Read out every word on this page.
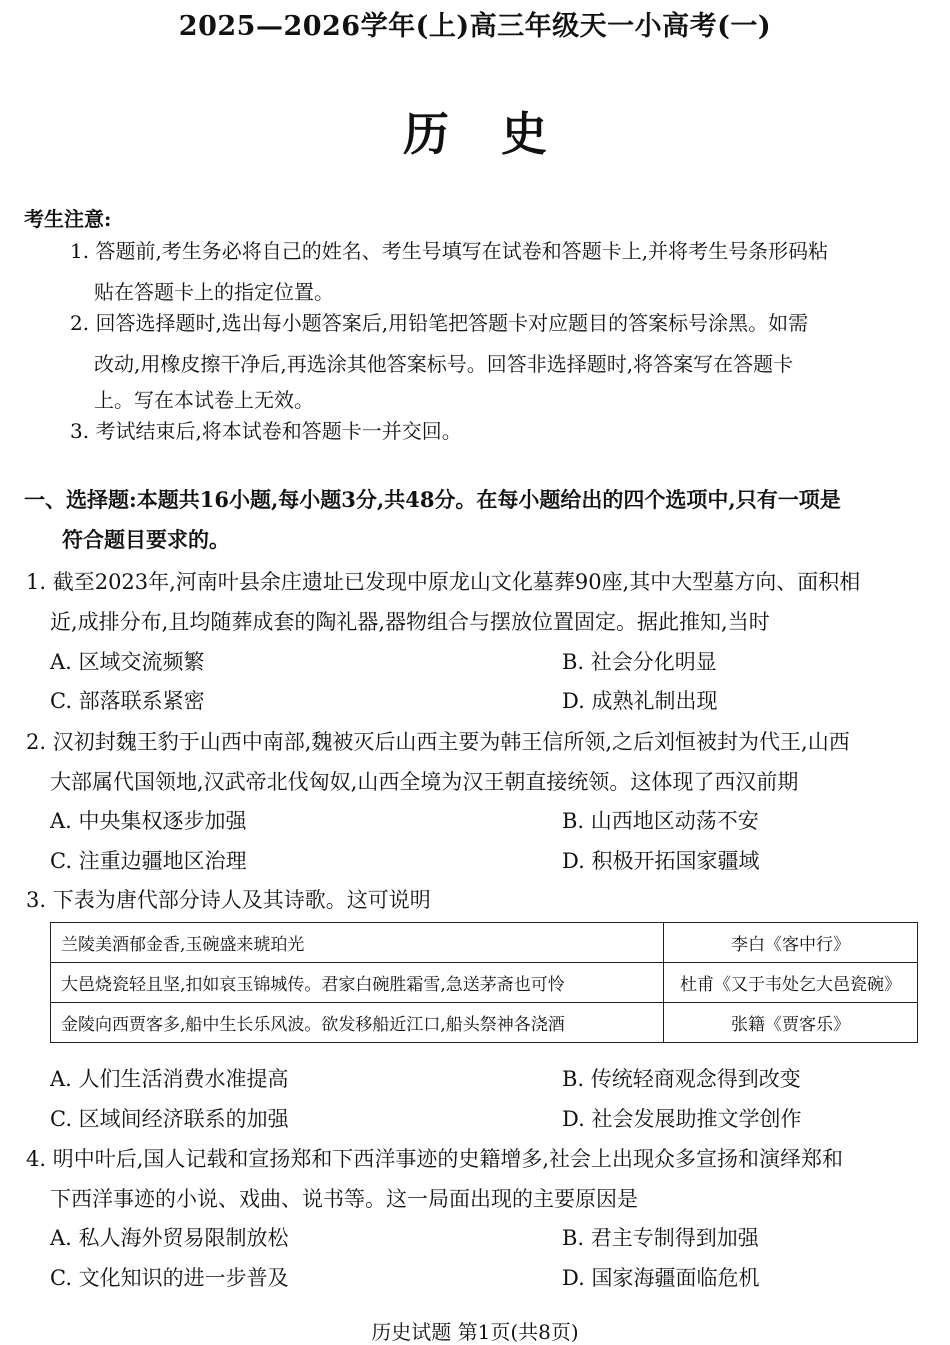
2025—2026学年(上)高三年级天一小高考(一)
历史
考生注意:
1. 答题前,考生务必将自己的姓名、考生号填写在试卷和答题卡上,并将考生号条形码粘
贴在答题卡上的指定位置。
2. 回答选择题时,选出每小题答案后,用铅笔把答题卡对应题目的答案标号涂黑。如需
改动,用橡皮擦干净后,再选涂其他答案标号。回答非选择题时,将答案写在答题卡
上。写在本试卷上无效。
3. 考试结束后,将本试卷和答题卡一并交回。
一、选择题:本题共16小题,每小题3分,共48分。在每小题给出的四个选项中,只有一项是
符合题目要求的。
1. 截至2023年,河南叶县余庄遗址已发现中原龙山文化墓葬90座,其中大型墓方向、面积相
近,成排分布,且均随葬成套的陶礼器,器物组合与摆放位置固定。据此推知,当时
A. 区域交流频繁	B. 社会分化明显
C. 部落联系紧密	D. 成熟礼制出现
2. 汉初封魏王豹于山西中南部,魏被灭后山西主要为韩王信所领,之后刘恒被封为代王,山西
大部属代国领地,汉武帝北伐匈奴,山西全境为汉王朝直接统领。这体现了西汉前期
A. 中央集权逐步加强	B. 山西地区动荡不安
C. 注重边疆地区治理	D. 积极开拓国家疆域
3. 下表为唐代部分诗人及其诗歌。这可说明
兰陵美酒郁金香,玉碗盛来琥珀光	李白《客中行》
大邑烧瓷轻且坚,扣如哀玉锦城传。君家白碗胜霜雪,急送茅斋也可怜	杜甫《又于韦处乞大邑瓷碗》
金陵向西贾客多,船中生长乐风波。欲发移船近江口,船头祭神各浇酒	张籍《贾客乐》
A. 人们生活消费水准提高	B. 传统轻商观念得到改变
C. 区域间经济联系的加强	D. 社会发展助推文学创作
4. 明中叶后,国人记载和宣扬郑和下西洋事迹的史籍增多,社会上出现众多宣扬和演绎郑和
下西洋事迹的小说、戏曲、说书等。这一局面出现的主要原因是
A. 私人海外贸易限制放松	B. 君主专制得到加强
C. 文化知识的进一步普及	D. 国家海疆面临危机
历史试题 第1页(共8页)
